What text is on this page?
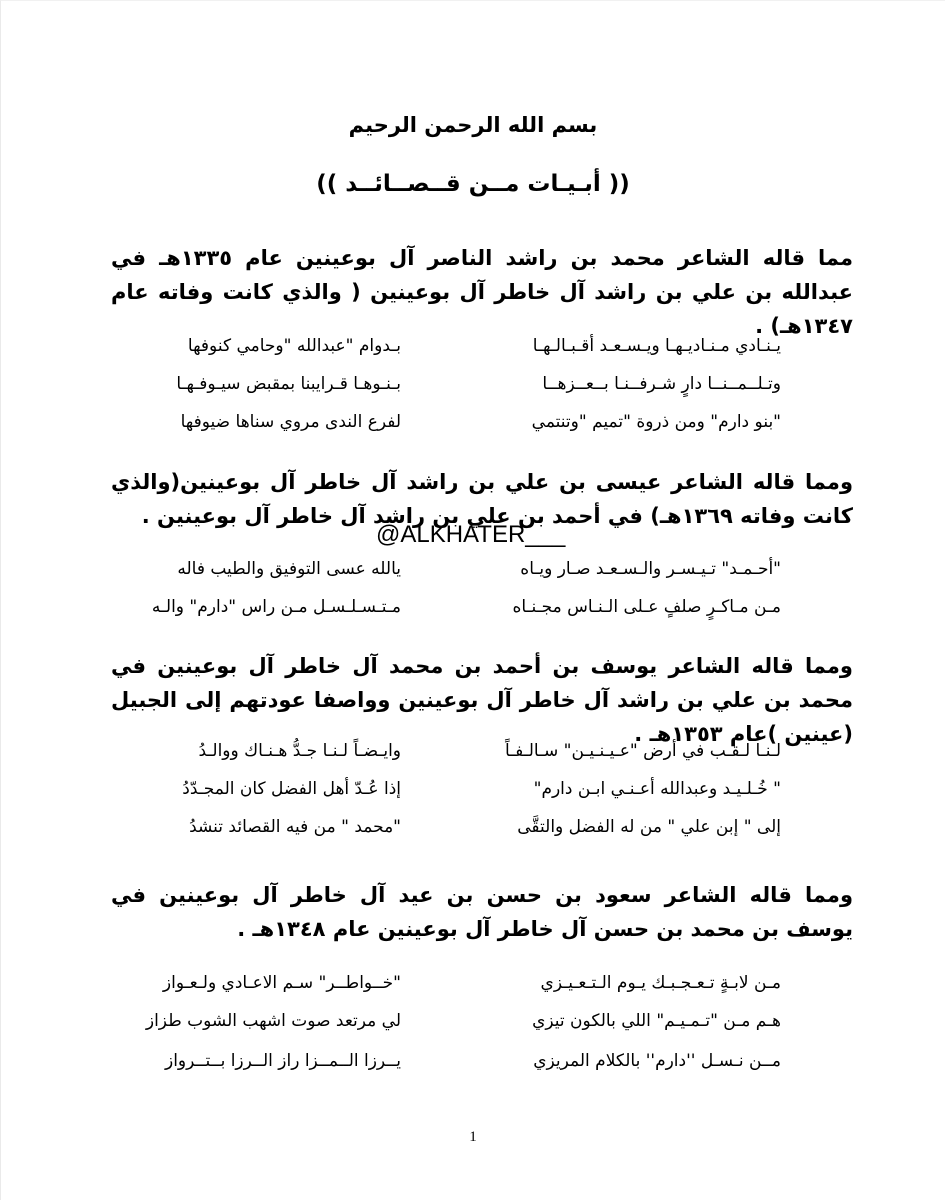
بسم الله الرحمن الرحيم
(( أبـيـات مــن قــصــائــد ))

مما قاله الشاعر محمد بن راشد الناصر آل بوعينين عام ١٣٣٥هـ في عبدالله بن علي بن راشد آل خاطر آل بوعينين ( والذي كانت وفاته عام ١٣٤٧هـ) .

يـنـادي مـنـاديـهـا ويـسـعـد أقـبـالـهـا
بـدوام "عبدالله "وحامي كنوفها
وتـلــمــنــا دارٍ شـرفــنـا بــعــزهــا
بـنـوهـا قـرايبنا بمقبض سيـوفـهـا
"بنو دارم" ومن ذروة "تميم "وتنتمي
لفرع الندى مروي سناها ضيوفها

ومما قاله الشاعر عيسى بن علي بن راشد آل خاطر آل بوعينين(والذي كانت وفاته ١٣٦٩هـ) في أحمد بن علي بن راشد آل خاطر آل بوعينين .

@ALKHATER___
"أحـمـد" تـيـسـر والـسـعـد صـار ويـاه
يالله عسى التوفيق والطيب فاله
مـن مـاكـرٍ صلفٍ عـلى الـنـاس مجـنـاه
مـتـسـلـسـل مـن راس "دارم" والـه

ومما قاله الشاعر يوسف بن أحمد بن محمد آل خاطر آل بوعينين في محمد بن علي بن راشد آل خاطر آل بوعينين وواصفا عودتهم إلى الجبيل (عينين )عام ١٣٥٣هـ .

لـنـا لـقـب في أرض "عـيـنـيـن" سـالـفـاً
وايـضـاً لـنـا جـدُّ هـنـاك ووالـدُ
" خُـلـيـد وعبدالله أعـنـي ابـن دارم"
إذا عُـدّ أهل الفضل كان المجـدّدُ
إلى " إبن علي " من له الفضل والتقَّى
"محمد " من فيه القصائد تنشدُ

ومما قاله الشاعر سعود بن حسن بن عيد آل خاطر آل بوعينين في يوسف بن محمد بن حسن آل خاطر آل بوعينين عام ١٣٤٨هـ .

مـن لابـةٍ تـعـجـبـك يـوم الـتـعـيـزي
"خــواطــر" سـم الاعـادي ولـعـواز
هـم مـن "تـمـيـم" اللي بالكون تيزي
لي مرتعد صوت اشهب الشوب طزاز
مــن نـسـل ''دارم'' بالكلام المريزي
يــرزا الــمــزا راز الــرزا بــتــرواز
1
